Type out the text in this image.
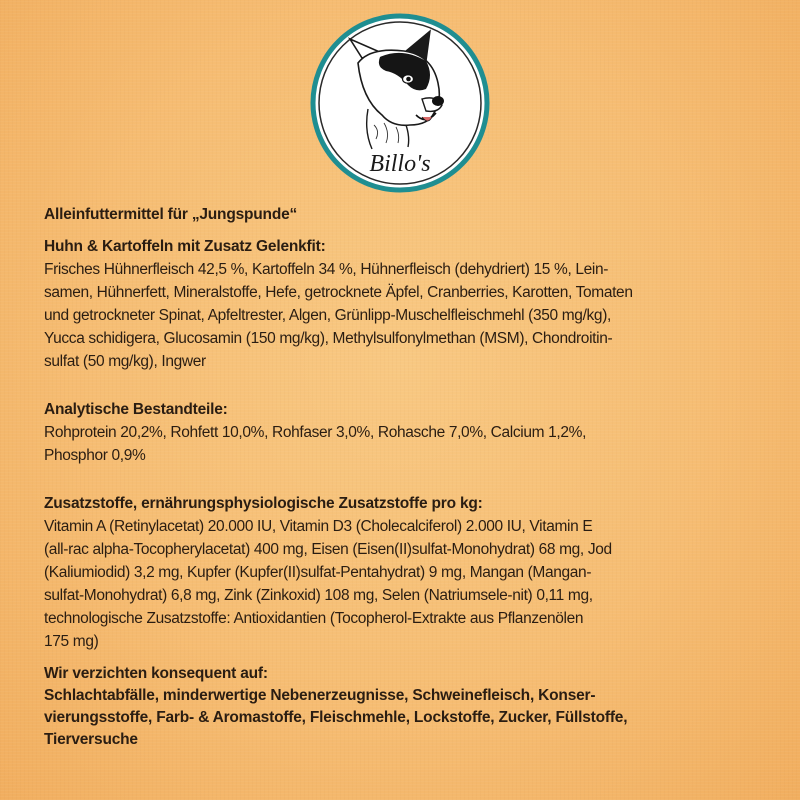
Billo's
Alleinfuttermittel für „Jungspunde“
Huhn & Kartoffeln mit Zusatz Gelenkfit:
Frisches Hühnerfleisch 42,5 %, Kartoffeln 34 %, Hühnerfleisch (dehydriert) 15 %, Lein-
samen, Hühnerfett, Mineralstoffe, Hefe, getrocknete Äpfel, Cranberries, Karotten, Tomaten
und getrockneter Spinat, Apfeltrester, Algen, Grünlipp-Muschelfleischmehl (350 mg/kg),
Yucca schidigera, Glucosamin (150 mg/kg), Methylsulfonylmethan (MSM), Chondroitin-
sulfat (50 mg/kg), Ingwer
Analytische Bestandteile:
Rohprotein 20,2%, Rohfett 10,0%, Rohfaser 3,0%, Rohasche 7,0%, Calcium 1,2%,
Phosphor 0,9%
Zusatzstoffe, ernährungsphysiologische Zusatzstoffe pro kg:
Vitamin A (Retinylacetat) 20.000 IU, Vitamin D3 (Cholecalciferol) 2.000 IU, Vitamin E
(all-rac alpha-Tocopherylacetat) 400 mg, Eisen (Eisen(II)sulfat-Monohydrat) 68 mg, Jod
(Kaliumiodid) 3,2 mg, Kupfer (Kupfer(II)sulfat-Pentahydrat) 9 mg, Mangan (Mangan-
sulfat-Monohydrat) 6,8 mg, Zink (Zinkoxid) 108 mg, Selen (Natriumsele-nit) 0,11 mg,
technologische Zusatzstoffe: Antioxidantien (Tocopherol-Extrakte aus Pflanzenölen
175 mg)
Wir verzichten konsequent auf:
Schlachtabfälle, minderwertige Nebenerzeugnisse, Schweinefleisch, Konser-
vierungsstoffe, Farb- & Aromastoffe, Fleischmehle, Lockstoffe, Zucker, Füllstoffe,
Tierversuche
